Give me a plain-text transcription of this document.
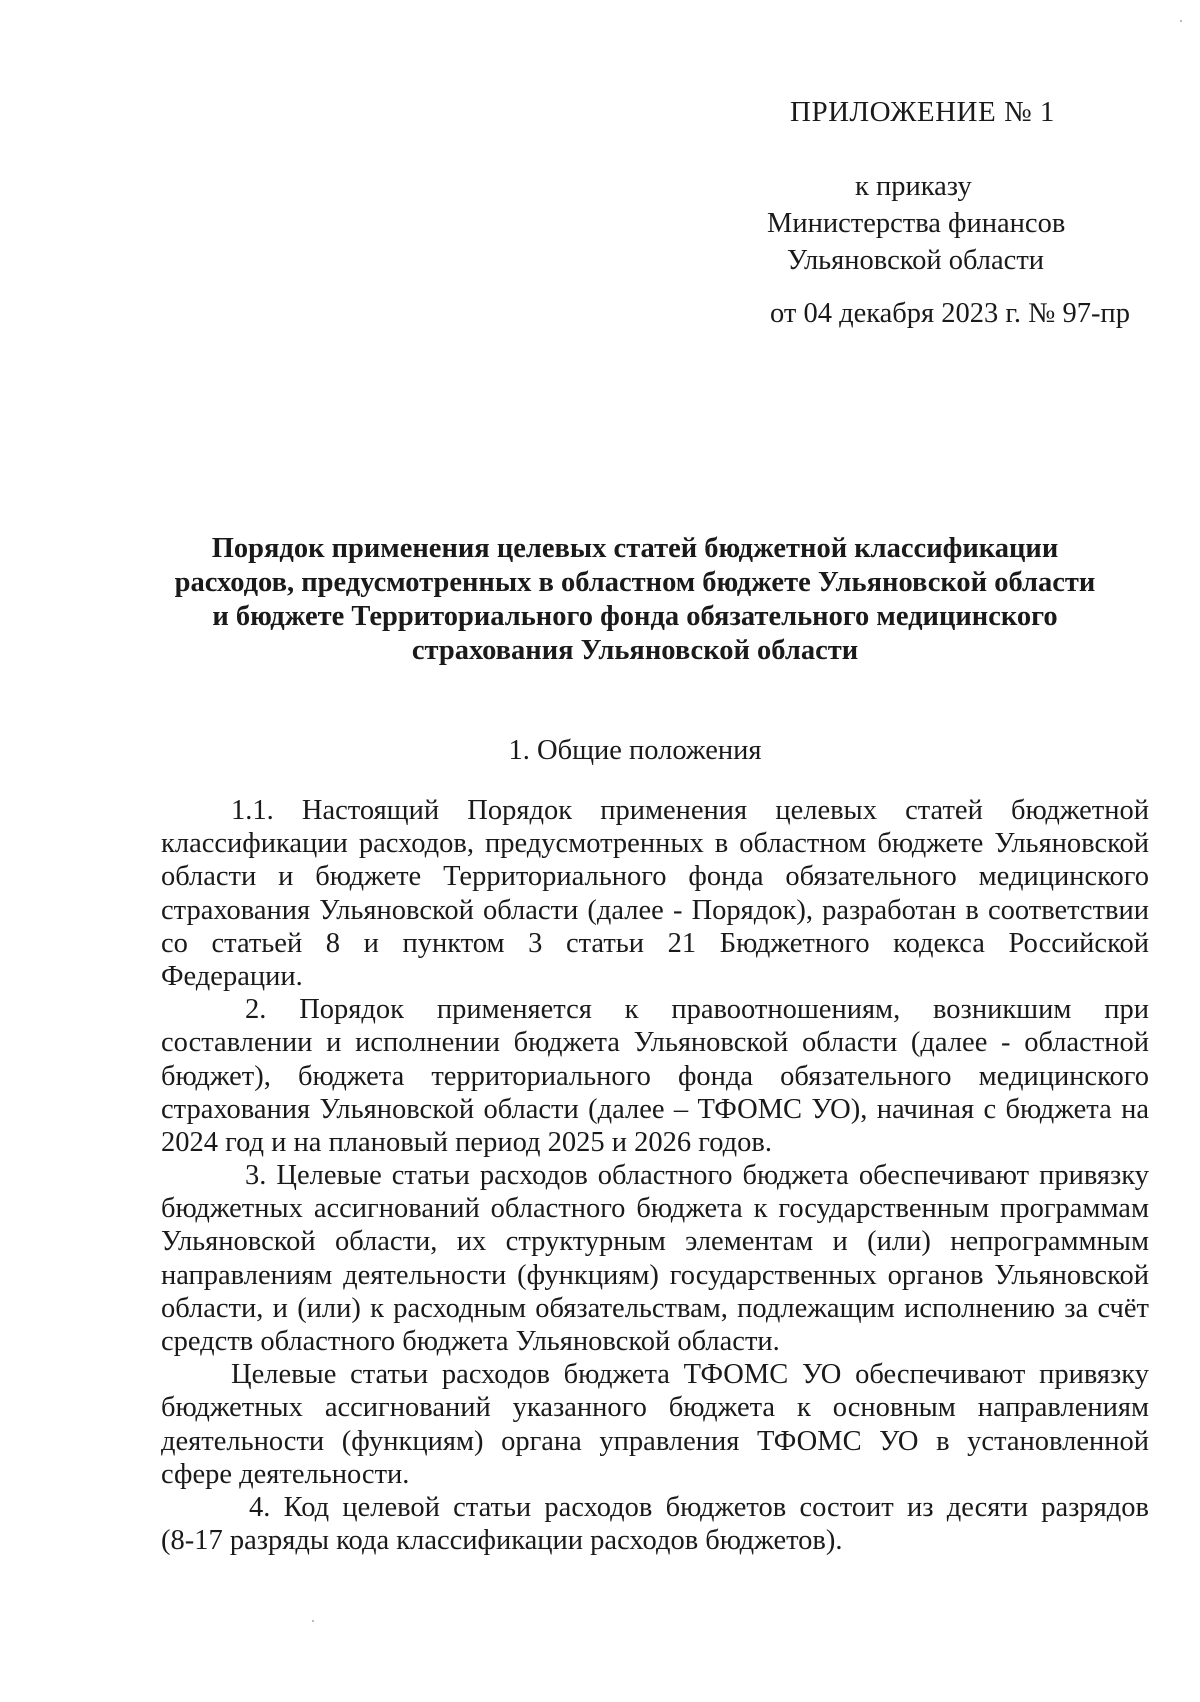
ПРИЛОЖЕНИЕ № 1
к приказу
Министерства финансов
Ульяновской области
от 04 декабря 2023 г. № 97-пр
Порядок применения целевых статей бюджетной классификации
расходов, предусмотренных в областном бюджете Ульяновской области
и бюджете Территориального фонда обязательного медицинского
страхования Ульяновской области
1. Общие положения
1.1. Настоящий Порядок применения целевых статей бюджетной
классификации расходов, предусмотренных в областном бюджете Ульяновской
области и бюджете Территориального фонда обязательного медицинского
страхования Ульяновской области (далее - Порядок), разработан в соответствии
со статьей 8 и пунктом 3 статьи 21 Бюджетного кодекса Российской
Федерации.
2. Порядок применяется к правоотношениям, возникшим при
составлении и исполнении бюджета Ульяновской области (далее - областной
бюджет), бюджета территориального фонда обязательного медицинского
страхования Ульяновской области (далее – ТФОМС УО), начиная с бюджета на
2024 год и на плановый период 2025 и 2026 годов.
3. Целевые статьи расходов областного бюджета обеспечивают привязку
бюджетных ассигнований областного бюджета к государственным программам
Ульяновской области, их структурным элементам и (или) непрограммным
направлениям деятельности (функциям) государственных органов Ульяновской
области, и (или) к расходным обязательствам, подлежащим исполнению за счёт
средств областного бюджета Ульяновской области.
Целевые статьи расходов бюджета ТФОМС УО обеспечивают привязку
бюджетных ассигнований указанного бюджета к основным направлениям
деятельности (функциям) органа управления ТФОМС УО в установленной
сфере деятельности.
4. Код целевой статьи расходов бюджетов состоит из десяти разрядов
(8-17 разряды кода классификации расходов бюджетов).
